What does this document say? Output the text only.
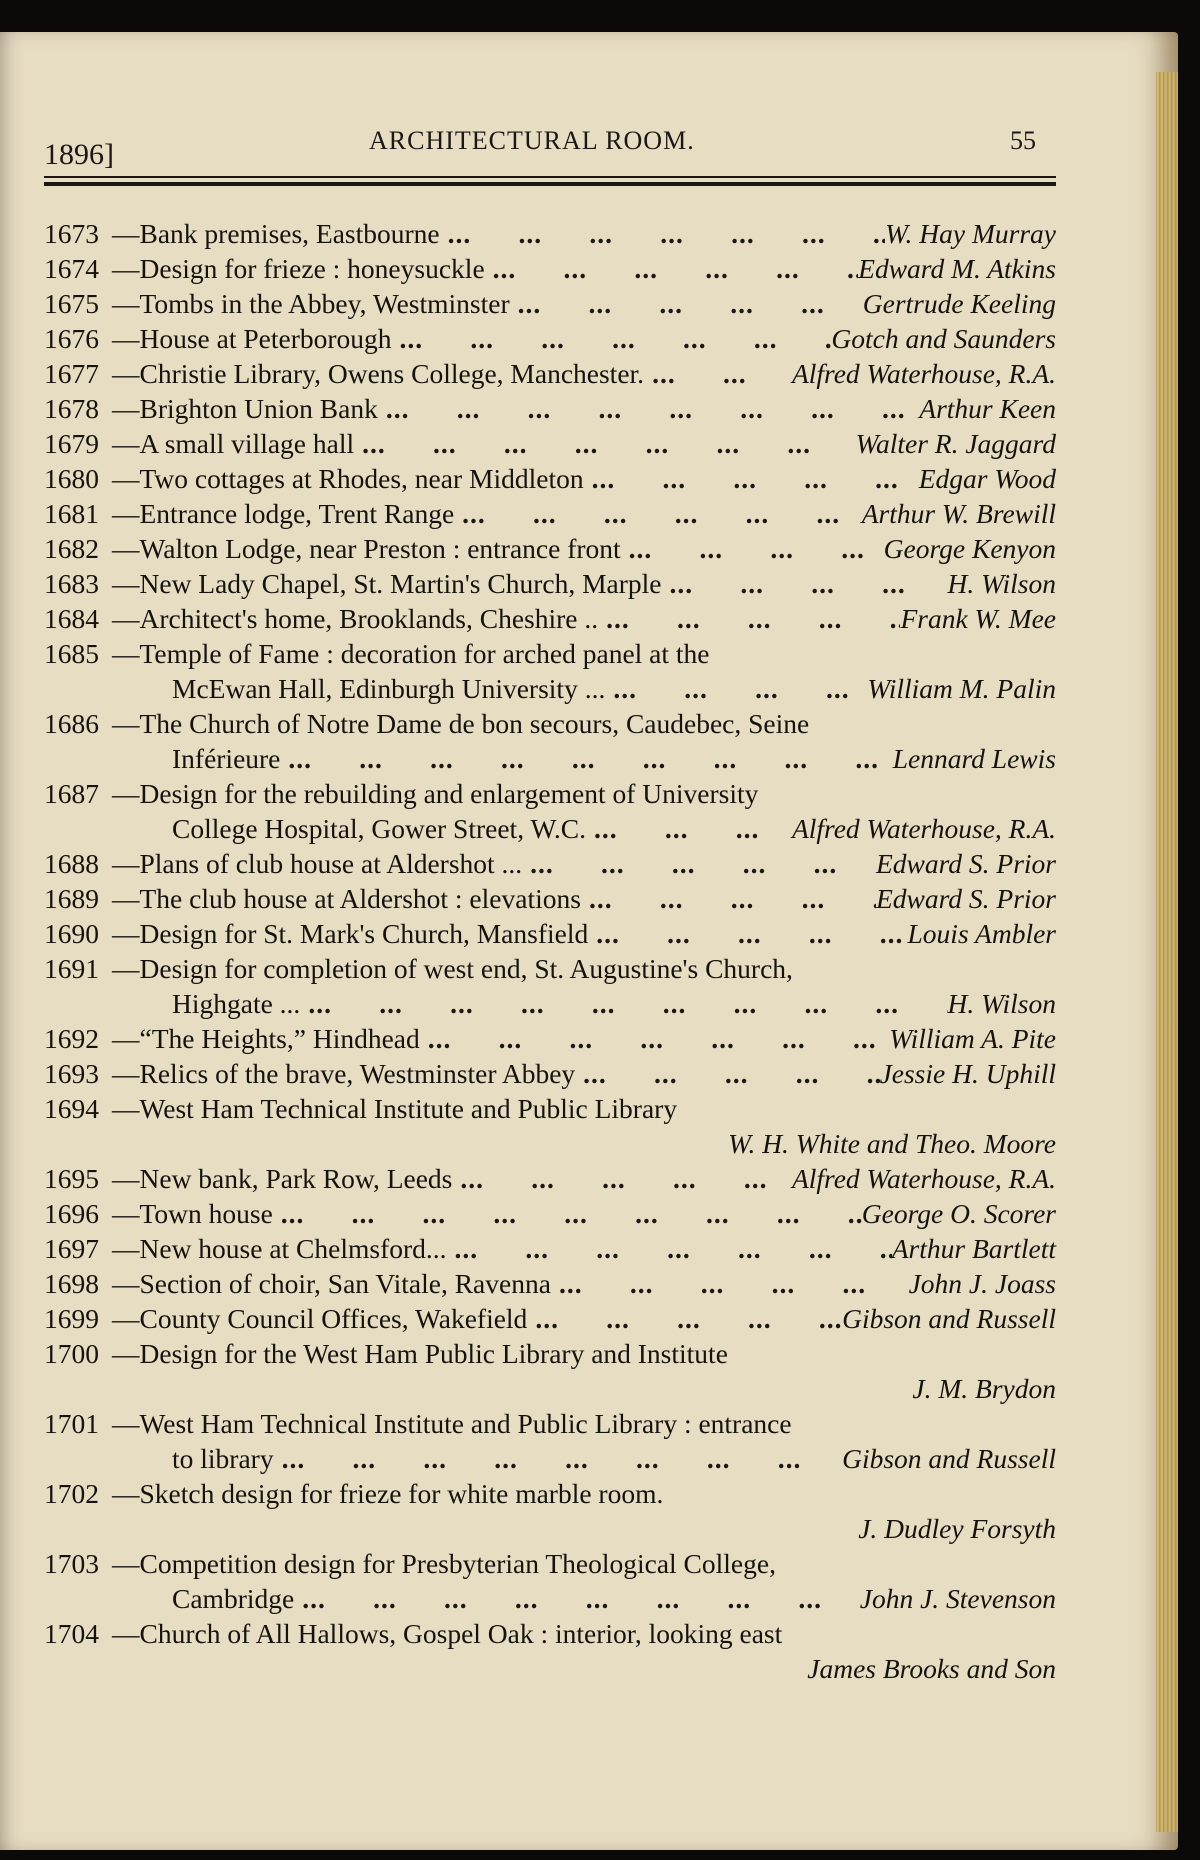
1896]	ARCHITECTURAL ROOM.	55
1673 —Bank premises, Eastbourne ...	W. Hay Murray
1674 —Design for frieze : honeysuckle ...	Edward M. Atkins
1675 —Tombs in the Abbey, Westminster ...	Gertrude Keeling
1676 —House at Peterborough ...	Gotch and Saunders
1677 —Christie Library, Owens College, Manchester. ...	Alfred Waterhouse, R.A.
1678 —Brighton Union Bank ...	Arthur Keen
1679 —A small village hall ...	Walter R. Jaggard
1680 —Two cottages at Rhodes, near Middleton ...	Edgar Wood
1681 —Entrance lodge, Trent Range ...	Arthur W. Brewill
1682 —Walton Lodge, near Preston : entrance front ...	George Kenyon
1683 —New Lady Chapel, St. Martin's Church, Marple ...	H. Wilson
1684 —Architect's home, Brooklands, Cheshire .. ...	Frank W. Mee
1685 —Temple of Fame : decoration for arched panel at the
McEwan Hall, Edinburgh University ... ...	William M. Palin
1686 —The Church of Notre Dame de bon secours, Caudebec, Seine
Inférieure ...	Lennard Lewis
1687 —Design for the rebuilding and enlargement of University
College Hospital, Gower Street, W.C. ...	Alfred Waterhouse, R.A.
1688 —Plans of club house at Aldershot ... ...	Edward S. Prior
1689 —The club house at Aldershot : elevations ...	Edward S. Prior
1690 —Design for St. Mark's Church, Mansfield ...	Louis Ambler
1691 —Design for completion of west end, St. Augustine's Church,
Highgate ... ...	H. Wilson
1692 —“The Heights,” Hindhead ...	William A. Pite
1693 —Relics of the brave, Westminster Abbey ...	Jessie H. Uphill
1694 —West Ham Technical Institute and Public Library
W. H. White and Theo. Moore
1695 —New bank, Park Row, Leeds ...	Alfred Waterhouse, R.A.
1696 —Town house ...	George O. Scorer
1697 —New house at Chelmsford... ...	Arthur Bartlett
1698 —Section of choir, San Vitale, Ravenna ...	John J. Joass
1699 —County Council Offices, Wakefield ...	Gibson and Russell
1700 —Design for the West Ham Public Library and Institute
J. M. Brydon
1701 —West Ham Technical Institute and Public Library : entrance
to library ...	Gibson and Russell
1702 —Sketch design for frieze for white marble room.
J. Dudley Forsyth
1703 —Competition design for Presbyterian Theological College,
Cambridge ...	John J. Stevenson
1704 —Church of All Hallows, Gospel Oak : interior, looking east
James Brooks and Son
